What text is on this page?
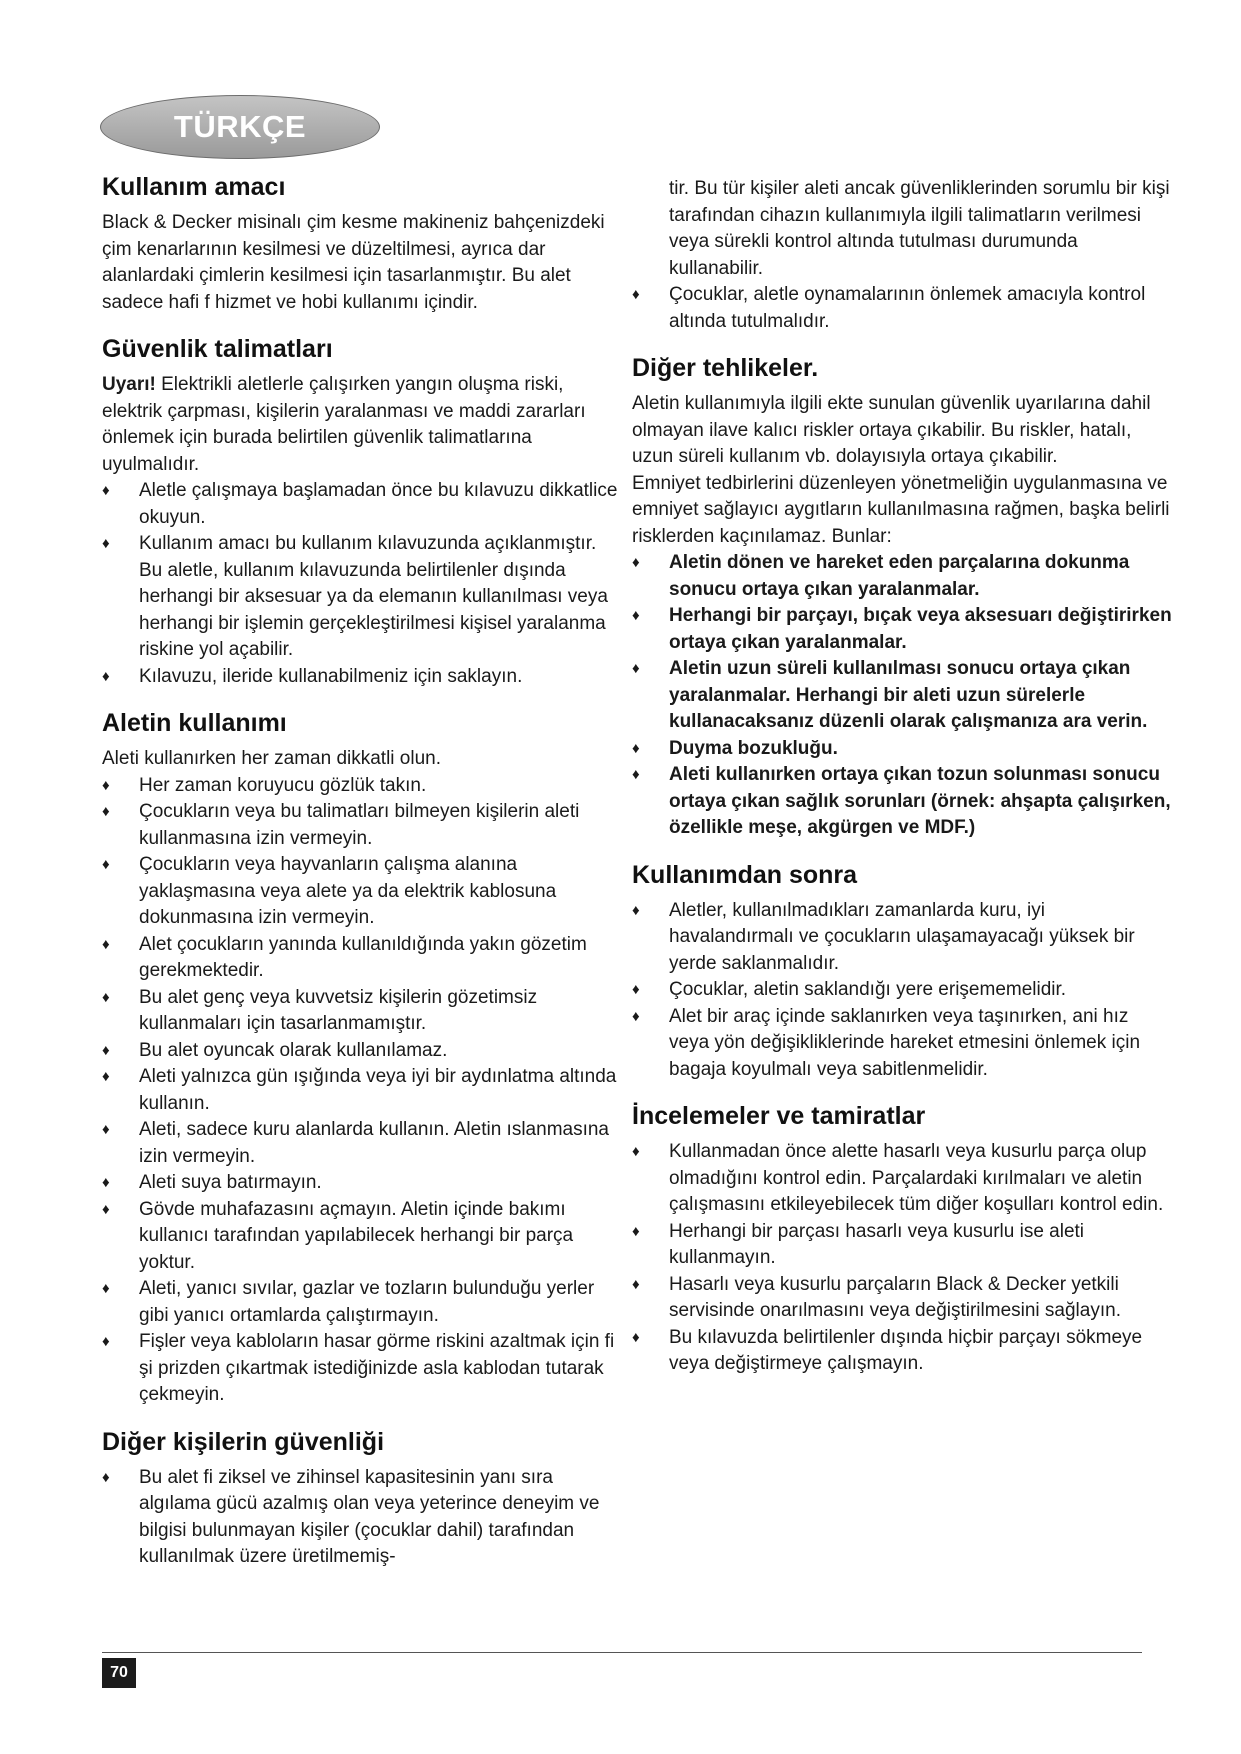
TÜRKÇE
Kullanım amacı

Black & Decker misinalı çim kesme makineniz bahçenizdeki çim kenarlarının kesilmesi ve düzeltilmesi, ayrıca dar alanlardaki çimlerin kesilmesi için tasarlanmıştır. Bu alet sadece hafi f hizmet ve hobi kullanımı içindir.

Güvenlik talimatları

Uyarı! Elektrikli aletlerle çalışırken yangın oluşma riski, elektrik çarpması, kişilerin yaralanması ve maddi zararları önlemek için burada belirtilen güvenlik talimatlarına uyulmalıdır.

♦ Aletle çalışmaya başlamadan önce bu kılavuzu dikkatlice okuyun.
♦ Kullanım amacı bu kullanım kılavuzunda açıklanmıştır. Bu aletle, kullanım kılavuzunda belirtilenler dışında herhangi bir aksesuar ya da elemanın kullanılması veya herhangi bir işlemin gerçekleştirilmesi kişisel yaralanma riskine yol açabilir.
♦ Kılavuzu, ileride kullanabilmeniz için saklayın.
Aletin kullanımı

Aleti kullanırken her zaman dikkatli olun.

♦ Her zaman koruyucu gözlük takın.
♦ Çocukların veya bu talimatları bilmeyen kişilerin aleti kullanmasına izin vermeyin.
♦ Çocukların veya hayvanların çalışma alanına yaklaşmasına veya alete ya da elektrik kablosuna dokunmasına izin vermeyin.
♦ Alet çocukların yanında kullanıldığında yakın gözetim gerekmektedir.
♦ Bu alet genç veya kuvvetsiz kişilerin gözetimsiz kullanmaları için tasarlanmamıştır.
♦ Bu alet oyuncak olarak kullanılamaz.
♦ Aleti yalnızca gün ışığında veya iyi bir aydınlatma altında kullanın.
♦ Aleti, sadece kuru alanlarda kullanın. Aletin ıslanmasına izin vermeyin.
♦ Aleti suya batırmayın.
♦ Gövde muhafazasını açmayın. Aletin içinde bakımı kullanıcı tarafından yapılabilecek herhangi bir parça yoktur.
♦ Aleti, yanıcı sıvılar, gazlar ve tozların bulunduğu yerler gibi yanıcı ortamlarda çalıştırmayın.
♦ Fişler veya kabloların hasar görme riskini azaltmak için fi şi prizden çıkartmak istediğinizde asla kablodan tutarak çekmeyin.
Diğer kişilerin güvenliği
♦ Bu alet fi ziksel ve zihinsel kapasitesinin yanı sıra algılama gücü azalmış olan veya yeterince deneyim ve bilgisi bulunmayan kişiler (çocuklar dahil) tarafından kullanılmak üzere üretilmemiş-

tir. Bu tür kişiler aleti ancak güvenliklerinden sorumlu bir kişi tarafından cihazın kullanımıyla ilgili talimatların verilmesi veya sürekli kontrol altında tutulması durumunda kullanabilir.

♦ Çocuklar, aletle oynamalarının önlemek amacıyla kontrol altında tutulmalıdır.
Diğer tehlikeler.

Aletin kullanımıyla ilgili ekte sunulan güvenlik uyarılarına dahil olmayan ilave kalıcı riskler ortaya çıkabilir. Bu riskler, hatalı, uzun süreli kullanım vb. dolayısıyla ortaya çıkabilir.

Emniyet tedbirlerini düzenleyen yönetmeliğin uygulanmasına ve emniyet sağlayıcı aygıtların kullanılmasına rağmen, başka belirli risklerden kaçınılamaz. Bunlar:

♦ Aletin dönen ve hareket eden parçalarına dokunma sonucu ortaya çıkan yaralanmalar.
♦ Herhangi bir parçayı, bıçak veya aksesuarı değiştirirken ortaya çıkan yaralanmalar.
♦ Aletin uzun süreli kullanılması sonucu ortaya çıkan yaralanmalar. Herhangi bir aleti uzun sürelerle kullanacaksanız düzenli olarak çalışmanıza ara verin.
♦ Duyma bozukluğu.
♦ Aleti kullanırken ortaya çıkan tozun solunması sonucu ortaya çıkan sağlık sorunları (örnek: ahşapta çalışırken, özellikle meşe, akgürgen ve MDF.)
Kullanımdan sonra
♦ Aletler, kullanılmadıkları zamanlarda kuru, iyi havalandırmalı ve çocukların ulaşamayacağı yüksek bir yerde saklanmalıdır.
♦ Çocuklar, aletin saklandığı yere erişememelidir.
♦ Alet bir araç içinde saklanırken veya taşınırken, ani hız veya yön değişikliklerinde hareket etmesini önlemek için bagaja koyulmalı veya sabitlenmelidir.
İncelemeler ve tamiratlar
♦ Kullanmadan önce alette hasarlı veya kusurlu parça olup olmadığını kontrol edin. Parçalardaki kırılmaları ve aletin çalışmasını etkileyebilecek tüm diğer koşulları kontrol edin.
♦ Herhangi bir parçası hasarlı veya kusurlu ise aleti kullanmayın.
♦ Hasarlı veya kusurlu parçaların Black & Decker yetkili servisinde onarılmasını veya değiştirilmesini sağlayın.
♦ Bu kılavuzda belirtilenler dışında hiçbir parçayı sökmeye veya değiştirmeye çalışmayın.
70
